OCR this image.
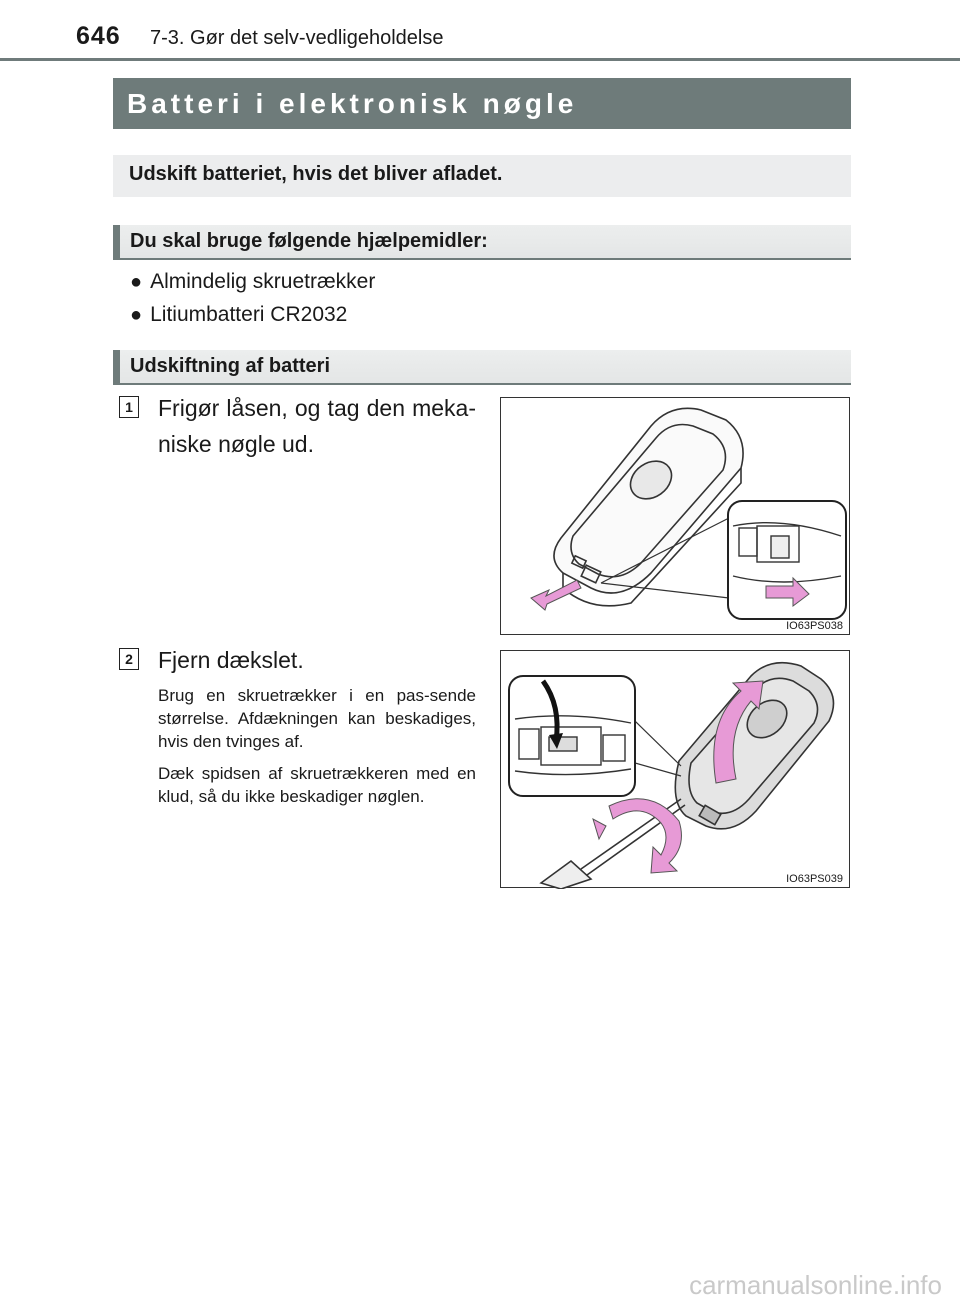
646 7-3. Gør det selv-vedligeholdelse
Batteri i elektronisk nøgle
Udskift batteriet, hvis det bliver afladet.
Du skal bruge følgende hjælpemidler:
● Almindelig skruetrækker
● Litiumbatteri CR2032
Udskiftning af batteri
1 Frigør låsen, og tag den meka-niske nøgle ud.
IO63PS038
2 Fjern dækslet.
Brug en skruetrækker i en pas-sende størrelse. Afdækningen kan beskadiges, hvis den tvinges af.
Dæk spidsen af skruetrækkeren med en klud, så du ikke beskadiger nøglen.
IO63PS039
carmanualsonline.info
